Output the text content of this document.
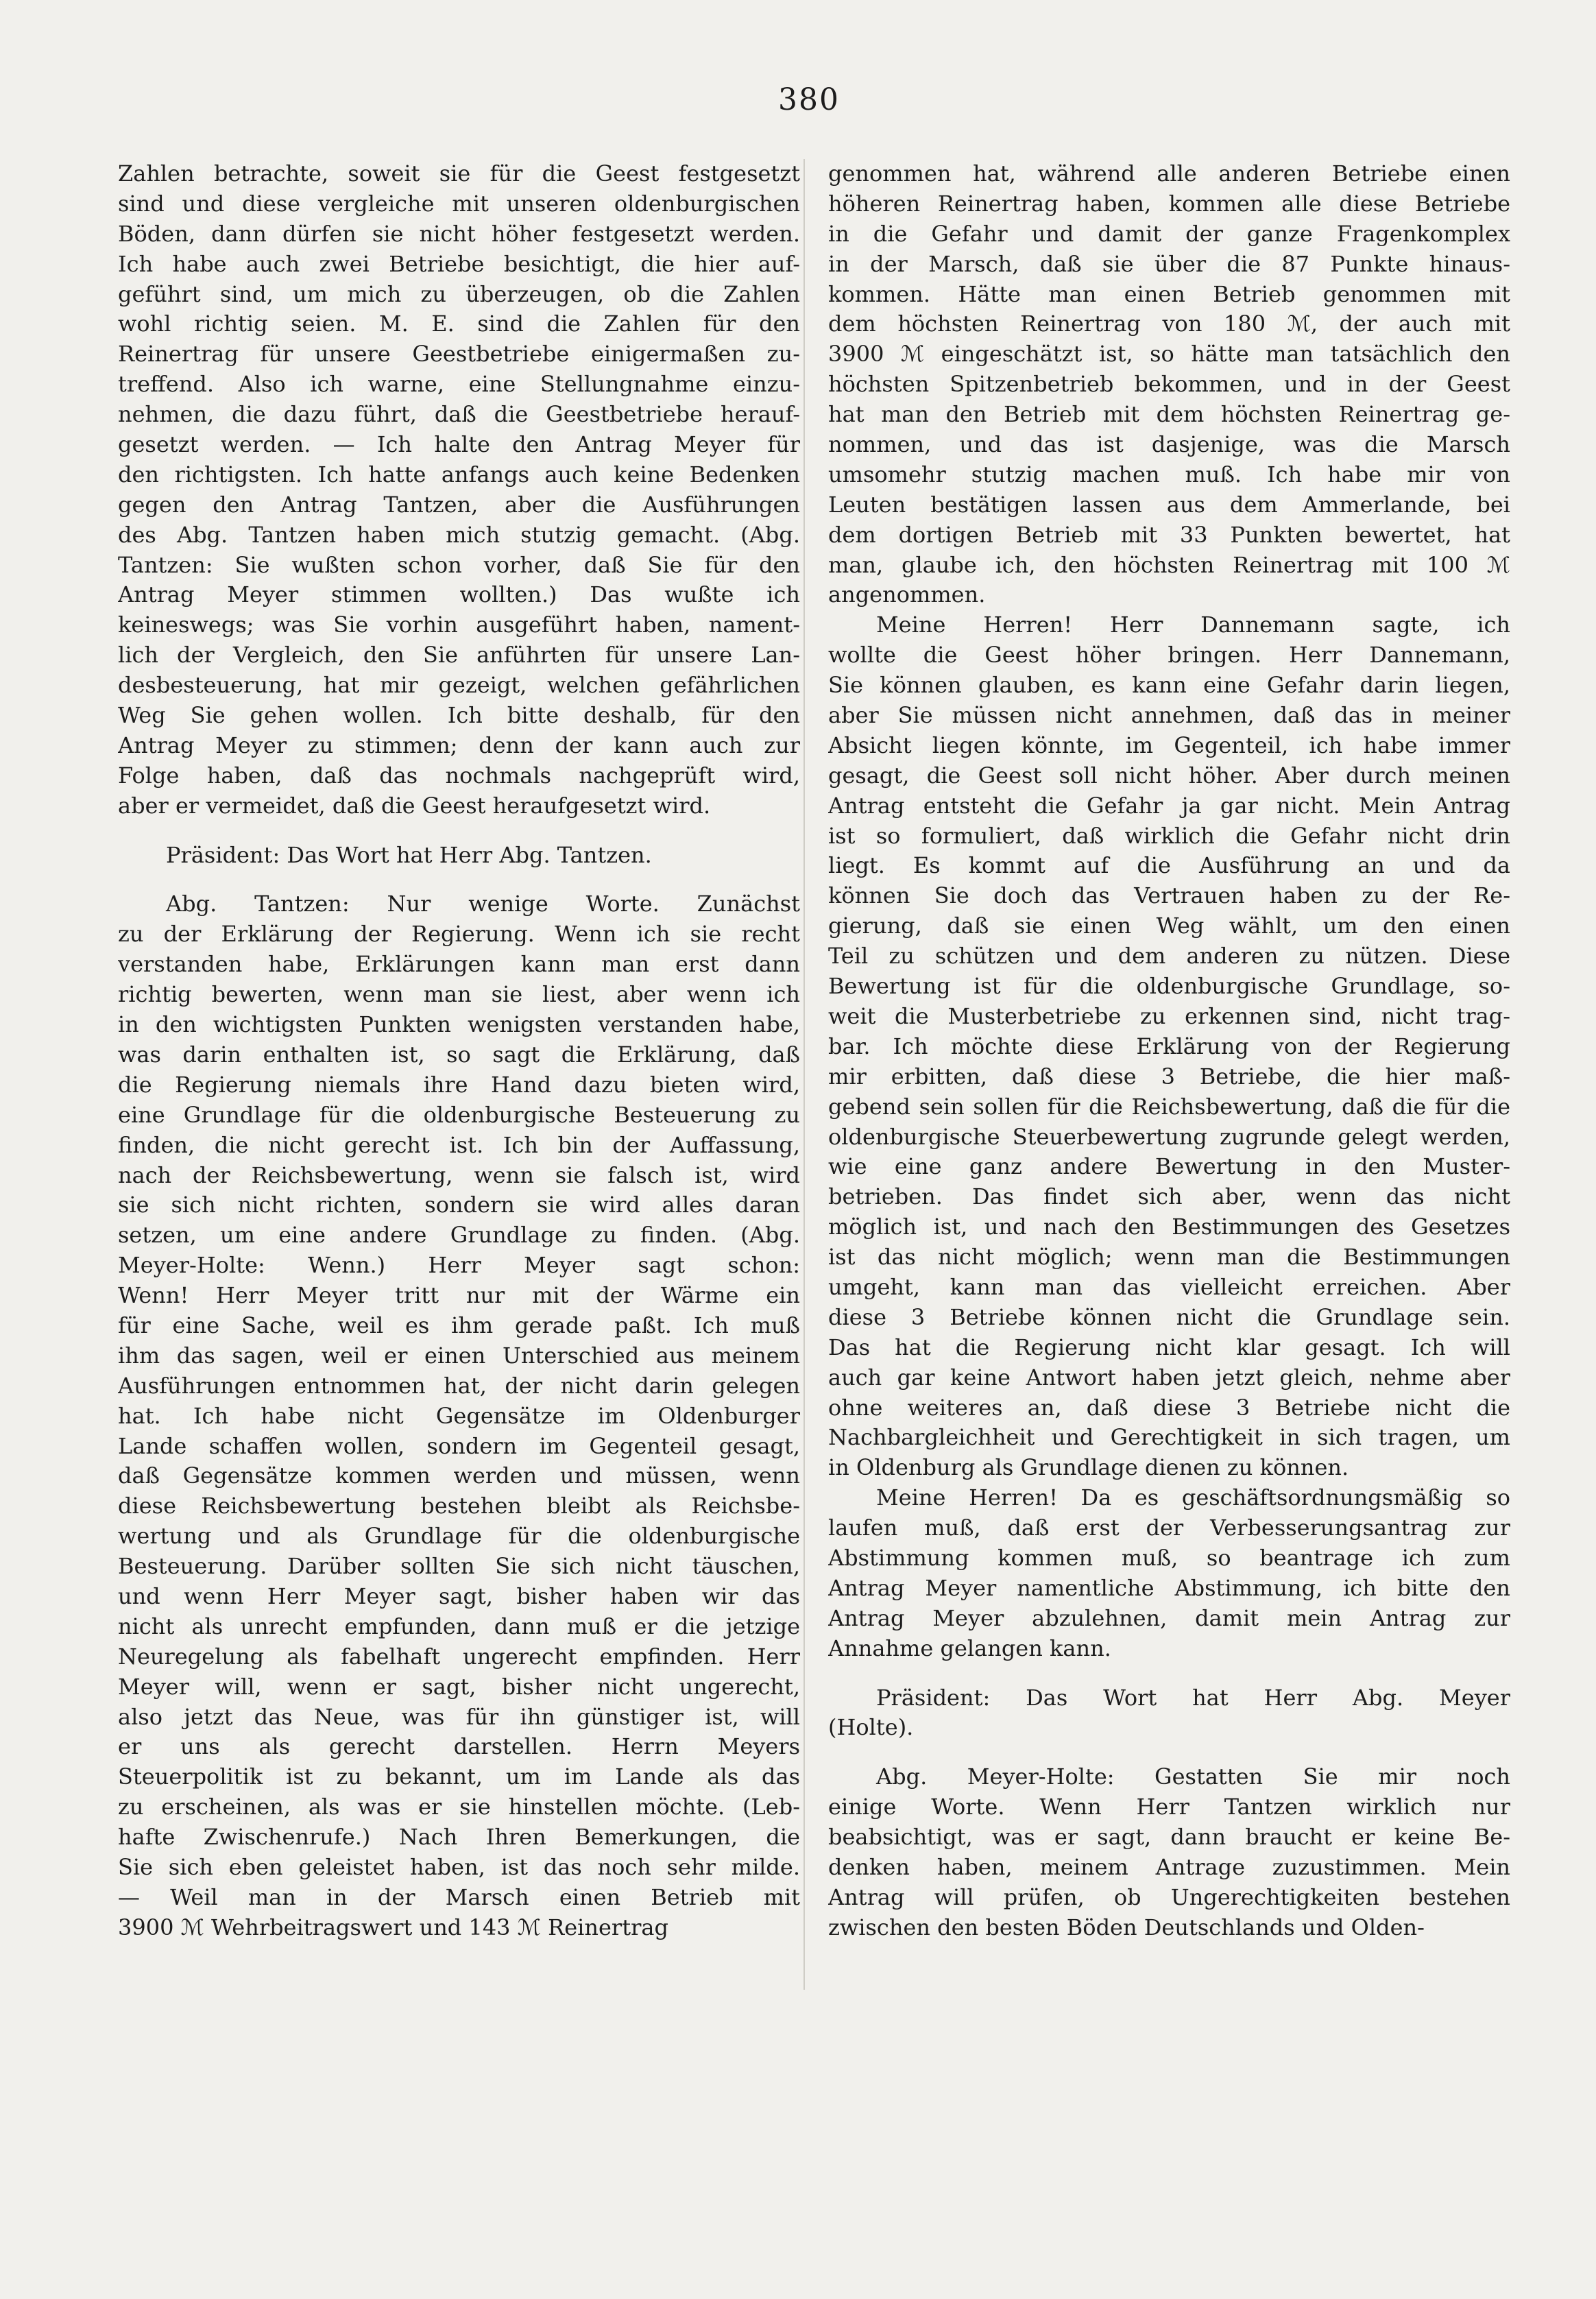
380
Zahlen betrachte, soweit sie für die Geest festgesetzt
sind und diese vergleiche mit unseren oldenburgischen
Böden, dann dürfen sie nicht höher festgesetzt werden.
Ich habe auch zwei Betriebe besichtigt, die hier auf-
geführt sind, um mich zu überzeugen, ob die Zahlen
wohl richtig seien. M. E. sind die Zahlen für den
Reinertrag für unsere Geestbetriebe einigermaßen zu-
treffend. Also ich warne, eine Stellungnahme einzu-
nehmen, die dazu führt, daß die Geestbetriebe herauf-
gesetzt werden. — Ich halte den Antrag Meyer für
den richtigsten. Ich hatte anfangs auch keine Bedenken
gegen den Antrag Tantzen, aber die Ausführungen
des Abg. Tantzen haben mich stutzig gemacht. (Abg.
Tantzen: Sie wußten schon vorher, daß Sie für den
Antrag Meyer stimmen wollten.) Das wußte ich
keineswegs; was Sie vorhin ausgeführt haben, nament-
lich der Vergleich, den Sie anführten für unsere Lan-
desbesteuerung, hat mir gezeigt, welchen gefährlichen
Weg Sie gehen wollen. Ich bitte deshalb, für den
Antrag Meyer zu stimmen; denn der kann auch zur
Folge haben, daß das nochmals nachgeprüft wird,
aber er vermeidet, daß die Geest heraufgesetzt wird.
Präsident: Das Wort hat Herr Abg. Tantzen.
Abg. Tantzen: Nur wenige Worte. Zunächst
zu der Erklärung der Regierung. Wenn ich sie recht
verstanden habe, Erklärungen kann man erst dann
richtig bewerten, wenn man sie liest, aber wenn ich
in den wichtigsten Punkten wenigsten verstanden habe,
was darin enthalten ist, so sagt die Erklärung, daß
die Regierung niemals ihre Hand dazu bieten wird,
eine Grundlage für die oldenburgische Besteuerung zu
finden, die nicht gerecht ist. Ich bin der Auffassung,
nach der Reichsbewertung, wenn sie falsch ist, wird
sie sich nicht richten, sondern sie wird alles daran
setzen, um eine andere Grundlage zu finden. (Abg.
Meyer-Holte: Wenn.) Herr Meyer sagt schon:
Wenn! Herr Meyer tritt nur mit der Wärme ein
für eine Sache, weil es ihm gerade paßt. Ich muß
ihm das sagen, weil er einen Unterschied aus meinem
Ausführungen entnommen hat, der nicht darin gelegen
hat. Ich habe nicht Gegensätze im Oldenburger
Lande schaffen wollen, sondern im Gegenteil gesagt,
daß Gegensätze kommen werden und müssen, wenn
diese Reichsbewertung bestehen bleibt als Reichsbe-
wertung und als Grundlage für die oldenburgische
Besteuerung. Darüber sollten Sie sich nicht täuschen,
und wenn Herr Meyer sagt, bisher haben wir das
nicht als unrecht empfunden, dann muß er die jetzige
Neuregelung als fabelhaft ungerecht empfinden. Herr
Meyer will, wenn er sagt, bisher nicht ungerecht,
also jetzt das Neue, was für ihn günstiger ist, will
er uns als gerecht darstellen. Herrn Meyers
Steuerpolitik ist zu bekannt, um im Lande als das
zu erscheinen, als was er sie hinstellen möchte. (Leb-
hafte Zwischenrufe.) Nach Ihren Bemerkungen, die
Sie sich eben geleistet haben, ist das noch sehr milde.
— Weil man in der Marsch einen Betrieb mit
3900 ℳ Wehrbeitragswert und 143 ℳ Reinertrag
genommen hat, während alle anderen Betriebe einen
höheren Reinertrag haben, kommen alle diese Betriebe
in die Gefahr und damit der ganze Fragenkomplex
in der Marsch, daß sie über die 87 Punkte hinaus-
kommen. Hätte man einen Betrieb genommen mit
dem höchsten Reinertrag von 180 ℳ, der auch mit
3900 ℳ eingeschätzt ist, so hätte man tatsächlich den
höchsten Spitzenbetrieb bekommen, und in der Geest
hat man den Betrieb mit dem höchsten Reinertrag ge-
nommen, und das ist dasjenige, was die Marsch
umsomehr stutzig machen muß. Ich habe mir von
Leuten bestätigen lassen aus dem Ammerlande, bei
dem dortigen Betrieb mit 33 Punkten bewertet, hat
man, glaube ich, den höchsten Reinertrag mit 100 ℳ
angenommen.
Meine Herren! Herr Dannemann sagte, ich
wollte die Geest höher bringen. Herr Dannemann,
Sie können glauben, es kann eine Gefahr darin liegen,
aber Sie müssen nicht annehmen, daß das in meiner
Absicht liegen könnte, im Gegenteil, ich habe immer
gesagt, die Geest soll nicht höher. Aber durch meinen
Antrag entsteht die Gefahr ja gar nicht. Mein Antrag
ist so formuliert, daß wirklich die Gefahr nicht drin
liegt. Es kommt auf die Ausführung an und da
können Sie doch das Vertrauen haben zu der Re-
gierung, daß sie einen Weg wählt, um den einen
Teil zu schützen und dem anderen zu nützen. Diese
Bewertung ist für die oldenburgische Grundlage, so-
weit die Musterbetriebe zu erkennen sind, nicht trag-
bar. Ich möchte diese Erklärung von der Regierung
mir erbitten, daß diese 3 Betriebe, die hier maß-
gebend sein sollen für die Reichsbewertung, daß die für die
oldenburgische Steuerbewertung zugrunde gelegt werden,
wie eine ganz andere Bewertung in den Muster-
betrieben. Das findet sich aber, wenn das nicht
möglich ist, und nach den Bestimmungen des Gesetzes
ist das nicht möglich; wenn man die Bestimmungen
umgeht, kann man das vielleicht erreichen. Aber
diese 3 Betriebe können nicht die Grundlage sein.
Das hat die Regierung nicht klar gesagt. Ich will
auch gar keine Antwort haben jetzt gleich, nehme aber
ohne weiteres an, daß diese 3 Betriebe nicht die
Nachbargleichheit und Gerechtigkeit in sich tragen, um
in Oldenburg als Grundlage dienen zu können.
Meine Herren! Da es geschäftsordnungsmäßig so
laufen muß, daß erst der Verbesserungsantrag zur
Abstimmung kommen muß, so beantrage ich zum
Antrag Meyer namentliche Abstimmung, ich bitte den
Antrag Meyer abzulehnen, damit mein Antrag zur
Annahme gelangen kann.
Präsident: Das Wort hat Herr Abg. Meyer
(Holte).
Abg. Meyer-Holte: Gestatten Sie mir noch
einige Worte. Wenn Herr Tantzen wirklich nur
beabsichtigt, was er sagt, dann braucht er keine Be-
denken haben, meinem Antrage zuzustimmen. Mein
Antrag will prüfen, ob Ungerechtigkeiten bestehen
zwischen den besten Böden Deutschlands und Olden-
